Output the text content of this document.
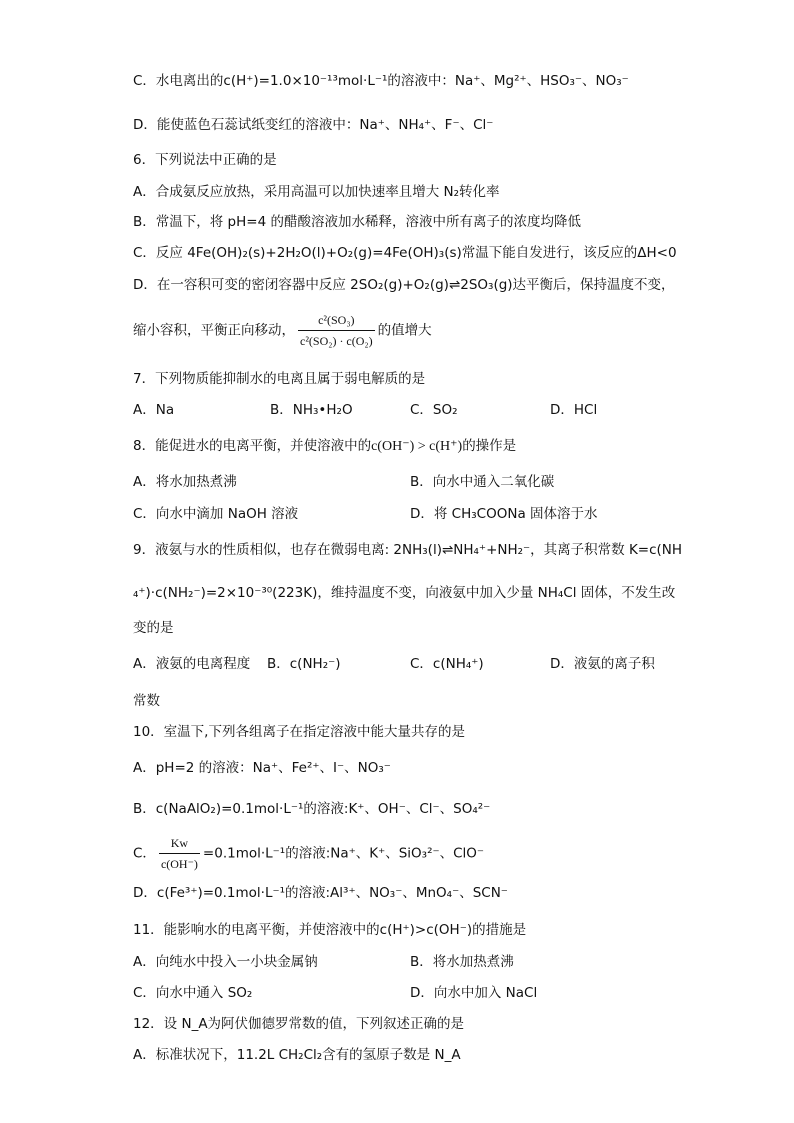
C．水电离出的c(H⁺)=1.0×10⁻¹³mol·L⁻¹的溶液中：Na⁺、Mg²⁺、HSO₃⁻、NO₃⁻
D．能使蓝色石蕊试纸变红的溶液中：Na⁺、NH₄⁺、F⁻、Cl⁻
6．下列说法中正确的是
A．合成氨反应放热，采用高温可以加快速率且增大 N₂转化率
B．常温下，将 pH=4 的醋酸溶液加水稀释，溶液中所有离子的浓度均降低
C．反应 4Fe(OH)₂(s)+2H₂O(l)+O₂(g)=4Fe(OH)₃(s)常温下能自发进行，该反应的ΔH<0
D．在一容积可变的密闭容器中反应 2SO₂(g)+O₂(g)⇌2SO₃(g)达平衡后，保持温度不变，
缩小容积，平衡正向移动， $\frac{\text{c²(SO₃)}}{\text{c²(SO₂) · c(O₂)}}$ 的值增大
7．下列物质能抑制水的电离且属于弱电解质的是
A．Na	B．NH₃•H₂O	C．SO₂	D．HCl
8．能促进水的电离平衡，并使溶液中的c(OH⁻) > c(H⁺)的操作是
A．将水加热煮沸	B．向水中通入二氧化碳
C．向水中滴加 NaOH 溶液	D．将 CH₃COONa 固体溶于水
9．液氨与水的性质相似，也存在微弱电离: 2NH₃(l)⇌NH₄⁺+NH₂⁻，其离子积常数 K=c(NH
₄⁺)·c(NH₂⁻)=2×10⁻³⁰(223K)，维持温度不变，向液氨中加入少量 NH₄Cl 固体，不发生改
变的是
A．液氨的电离程度 B．c(NH₂⁻)	C．c(NH₄⁺)	D．液氨的离子积
常数
10．室温下,下列各组离子在指定溶液中能大量共存的是
A．pH=2 的溶液：Na⁺、Fe²⁺、I⁻、NO₃⁻
B．c(NaAlO₂)=0.1mol·L⁻¹的溶液:K⁺、OH⁻、Cl⁻、SO₄²⁻
C． $\frac{Kw}{c(OH^-)} =0.1mol\cdot L^{-1}$的溶液:Na⁺、K⁺、SiO₃²⁻、ClO⁻
D．c(Fe³⁺)=0.1mol·L⁻¹的溶液:Al³⁺、NO₃⁻、MnO₄⁻、SCN⁻
11．能影响水的电离平衡，并使溶液中的c(H⁺)>c(OH⁻)的措施是
A．向纯水中投入一小块金属钠	B．将水加热煮沸
C．向水中通入 SO₂	D．向水中加入 NaCl
12．设 N_A为阿伏伽德罗常数的值，下列叙述正确的是
A．标准状况下，11.2L CH₂Cl₂含有的氢原子数是 N_A
